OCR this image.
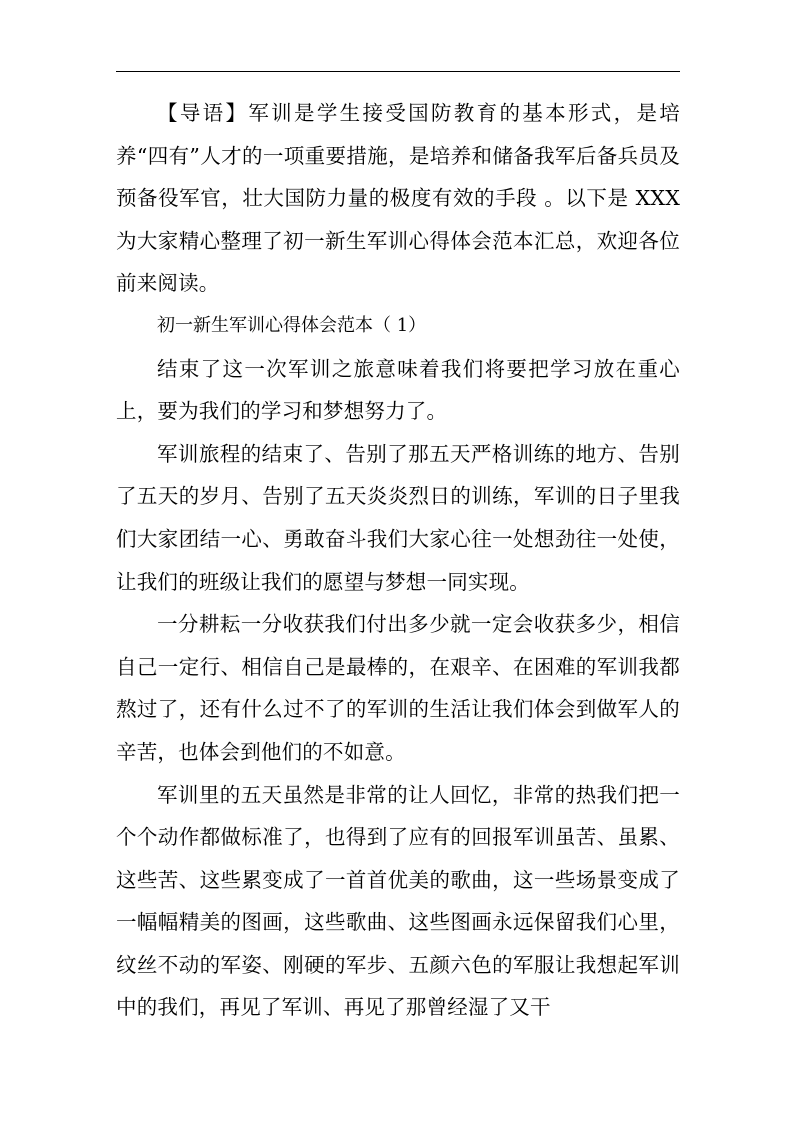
【导语】军训是学生接受国防教育的基本形式，是培养“四有”人才的一项重要措施，是培养和储备我军后备兵员及预备役军官，壮大国防力量的极度有效的手段 。以下是 XXX 为大家精心整理了初一新生军训心得体会范本汇总，欢迎各位前来阅读。

初一新生军训心得体会范本（ 1）

结束了这一次军训之旅意味着我们将要把学习放在重心上，要为我们的学习和梦想努力了。

军训旅程的结束了、告别了那五天严格训练的地方、告别了五天的岁月、告别了五天炎炎烈日的训练，军训的日子里我们大家团结一心、勇敢奋斗我们大家心往一处想劲往一处使，让我们的班级让我们的愿望与梦想一同实现。

一分耕耘一分收获我们付出多少就一定会收获多少，相信自己一定行、相信自己是最棒的，在艰辛、在困难的军训我都熬过了，还有什么过不了的军训的生活让我们体会到做军人的辛苦，也体会到他们的不如意。

军训里的五天虽然是非常的让人回忆，非常的热我们把一个个动作都做标准了，也得到了应有的回报军训虽苦、虽累、这些苦、这些累变成了一首首优美的歌曲，这一些场景变成了一幅幅精美的图画，这些歌曲、这些图画永远保留我们心里，纹丝不动的军姿、刚硬的军步、五颜六色的军服让我想起军训中的我们，再见了军训、再见了那曾经湿了又干
